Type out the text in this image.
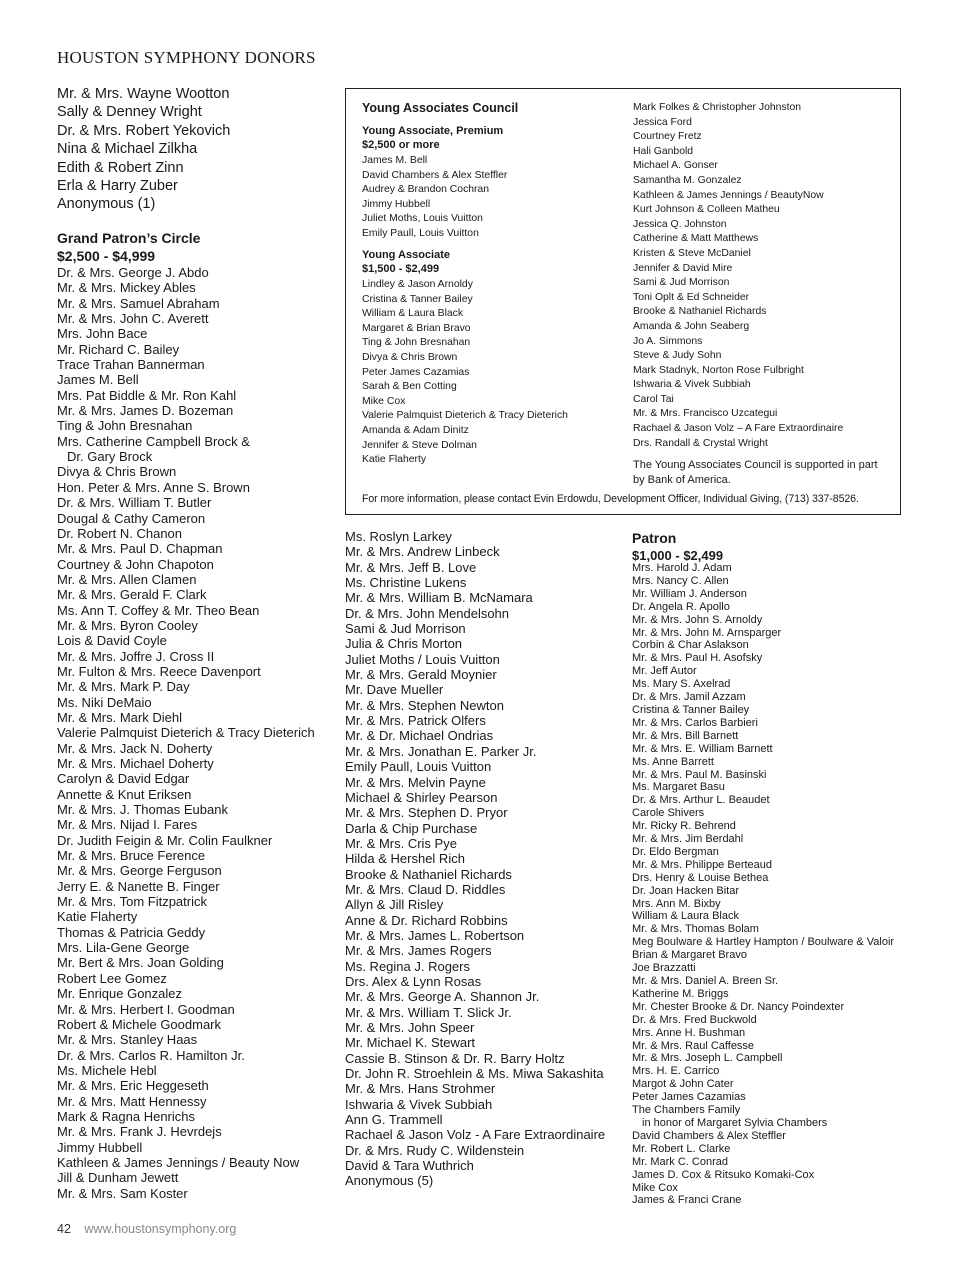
HOUSTON SYMPHONY DONORS
Mr. & Mrs. Wayne Wootton
Sally & Denney Wright
Dr. & Mrs. Robert Yekovich
Nina & Michael Zilkha
Edith & Robert Zinn
Erla & Harry Zuber
Anonymous (1)
Grand Patron’s Circle
$2,500 - $4,999
Dr. & Mrs. George J. Abdo
Mr. & Mrs. Mickey Ables
Mr. & Mrs. Samuel Abraham
Mr. & Mrs. John C. Averett
Mrs. John Bace
Mr. Richard C. Bailey
Trace Trahan Bannerman
James M. Bell
Mrs. Pat Biddle & Mr. Ron Kahl
Mr. & Mrs. James D. Bozeman
Ting & John Bresnahan
Mrs. Catherine Campbell Brock &
Dr. Gary Brock
Divya & Chris Brown
Hon. Peter & Mrs. Anne S. Brown
Dr. & Mrs. William T. Butler
Dougal & Cathy Cameron
Dr. Robert N. Chanon
Mr. & Mrs. Paul D. Chapman
Courtney & John Chapoton
Mr. & Mrs. Allen Clamen
Mr. & Mrs. Gerald F. Clark
Ms. Ann T. Coffey & Mr. Theo Bean
Mr. & Mrs. Byron Cooley
Lois & David Coyle
Mr. & Mrs. Joffre J. Cross II
Mr. Fulton & Mrs. Reece Davenport
Mr. & Mrs. Mark P. Day
Ms. Niki DeMaio
Mr. & Mrs. Mark Diehl
Valerie Palmquist Dieterich & Tracy Dieterich
Mr. & Mrs. Jack N. Doherty
Mr. & Mrs. Michael Doherty
Carolyn & David Edgar
Annette & Knut Eriksen
Mr. & Mrs. J. Thomas Eubank
Mr. & Mrs. Nijad I. Fares
Dr. Judith Feigin & Mr. Colin Faulkner
Mr. & Mrs. Bruce Ference
Mr. & Mrs. George Ferguson
Jerry E. & Nanette B. Finger
Mr. & Mrs. Tom Fitzpatrick
Katie Flaherty
Thomas & Patricia Geddy
Mrs. Lila-Gene George
Mr. Bert & Mrs. Joan Golding
Robert Lee Gomez
Mr. Enrique Gonzalez
Mr. & Mrs. Herbert I. Goodman
Robert & Michele Goodmark
Mr. & Mrs. Stanley Haas
Dr. & Mrs. Carlos R. Hamilton Jr.
Ms. Michele Hebl
Mr. & Mrs. Eric Heggeseth
Mr. & Mrs. Matt Hennessy
Mark & Ragna Henrichs
Mr. & Mrs. Frank J. Hevrdejs
Jimmy Hubbell
Kathleen & James Jennings / Beauty Now
Jill & Dunham Jewett
Mr. & Mrs. Sam Koster
Young Associates Council
Young Associate, Premium
$2,500 or more
James M. Bell
David Chambers & Alex Steffler
Audrey & Brandon Cochran
Jimmy Hubbell
Juliet Moths, Louis Vuitton
Emily Paull, Louis Vuitton
Young Associate
$1,500 - $2,499
Lindley & Jason Arnoldy
Cristina & Tanner Bailey
William & Laura Black
Margaret & Brian Bravo
Ting & John Bresnahan
Divya & Chris Brown
Peter James Cazamias
Sarah & Ben Cotting
Mike Cox
Valerie Palmquist Dieterich & Tracy Dieterich
Amanda & Adam Dinitz
Jennifer & Steve Dolman
Katie Flaherty
Mark Folkes & Christopher Johnston
Jessica Ford
Courtney Fretz
Hali Ganbold
Michael A. Gonser
Samantha M. Gonzalez
Kathleen & James Jennings / BeautyNow
Kurt Johnson & Colleen Matheu
Jessica Q. Johnston
Catherine & Matt Matthews
Kristen & Steve McDaniel
Jennifer & David Mire
Sami & Jud Morrison
Toni Oplt & Ed Schneider
Brooke & Nathaniel Richards
Amanda & John Seaberg
Jo A. Simmons
Steve & Judy Sohn
Mark Stadnyk, Norton Rose Fulbright
Ishwaria & Vivek Subbiah
Carol Tai
Mr. & Mrs. Francisco Uzcategui
Rachael & Jason Volz – A Fare Extraordinaire
Drs. Randall & Crystal Wright
The Young Associates Council is supported in part by Bank of America.
For more information, please contact Evin Erdowdu, Development Officer, Individual Giving, (713) 337-8526.
Ms. Roslyn Larkey
Mr. & Mrs. Andrew Linbeck
Mr. & Mrs. Jeff B. Love
Ms. Christine Lukens
Mr. & Mrs. William B. McNamara
Dr. & Mrs. John Mendelsohn
Sami & Jud Morrison
Julia & Chris Morton
Juliet Moths / Louis Vuitton
Mr. & Mrs. Gerald Moynier
Mr. Dave Mueller
Mr. & Mrs. Stephen Newton
Mr. & Mrs. Patrick Olfers
Mr. & Dr. Michael Ondrias
Mr. & Mrs. Jonathan E. Parker Jr.
Emily Paull, Louis Vuitton
Mr. & Mrs. Melvin Payne
Michael & Shirley Pearson
Mr. & Mrs. Stephen D. Pryor
Darla & Chip Purchase
Mr. & Mrs. Cris Pye
Hilda & Hershel Rich
Brooke & Nathaniel Richards
Mr. & Mrs. Claud D. Riddles
Allyn & Jill Risley
Anne & Dr. Richard Robbins
Mr. & Mrs. James L. Robertson
Mr. & Mrs. James Rogers
Ms. Regina J. Rogers
Drs. Alex & Lynn Rosas
Mr. & Mrs. George A. Shannon Jr.
Mr. & Mrs. William T. Slick Jr.
Mr. & Mrs. John Speer
Mr. Michael K. Stewart
Cassie B. Stinson & Dr. R. Barry Holtz
Dr. John R. Stroehlein & Ms. Miwa Sakashita
Mr. & Mrs. Hans Strohmer
Ishwaria & Vivek Subbiah
Ann G. Trammell
Rachael & Jason Volz - A Fare Extraordinaire
Dr. & Mrs. Rudy C. Wildenstein
David & Tara Wuthrich
Anonymous (5)
Patron
$1,000 - $2,499
Mrs. Harold J. Adam
Mrs. Nancy C. Allen
Mr. William J. Anderson
Dr. Angela R. Apollo
Mr. & Mrs. John S. Arnoldy
Mr. & Mrs. John M. Arnsparger
Corbin & Char Aslakson
Mr. & Mrs. Paul H. Asofsky
Mr. Jeff Autor
Ms. Mary S. Axelrad
Dr. & Mrs. Jamil Azzam
Cristina & Tanner Bailey
Mr. & Mrs. Carlos Barbieri
Mr. & Mrs. Bill Barnett
Mr. & Mrs. E. William Barnett
Ms. Anne Barrett
Mr. & Mrs. Paul M. Basinski
Ms. Margaret Basu
Dr. & Mrs. Arthur L. Beaudet
Carole Shivers
Mr. Ricky R. Behrend
Mr. & Mrs. Jim Berdahl
Dr. Eldo Bergman
Mr. & Mrs. Philippe Berteaud
Drs. Henry & Louise Bethea
Dr. Joan Hacken Bitar
Mrs. Ann M. Bixby
William & Laura Black
Mr. & Mrs. Thomas Bolam
Meg Boulware & Hartley Hampton / Boulware & Valoir
Brian & Margaret Bravo
Joe Brazzatti
Mr. & Mrs. Daniel A. Breen Sr.
Katherine M. Briggs
Mr. Chester Brooke & Dr. Nancy Poindexter
Dr. & Mrs. Fred Buckwold
Mrs. Anne H. Bushman
Mr. & Mrs. Raul Caffesse
Mr. & Mrs. Joseph L. Campbell
Mrs. H. E. Carrico
Margot & John Cater
Peter James Cazamias
The Chambers Family
in honor of Margaret Sylvia Chambers
David Chambers & Alex Steffler
Mr. Robert L. Clarke
Mr. Mark C. Conrad
James D. Cox & Ritsuko Komaki-Cox
Mike Cox
James & Franci Crane
42 www.houstonsymphony.org
